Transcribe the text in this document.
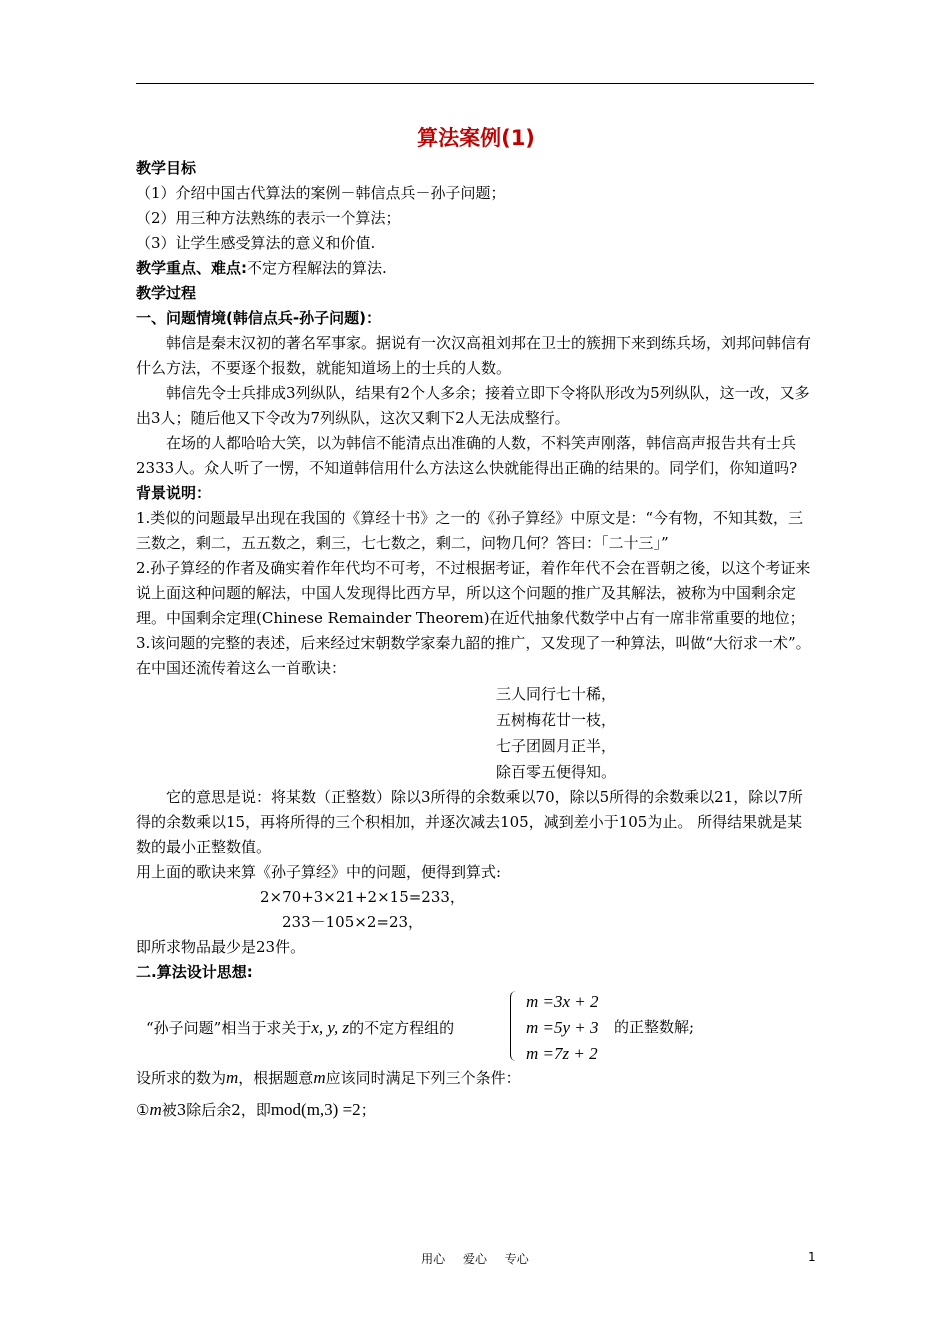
算法案例(1)

教学目标

（1）介绍中国古代算法的案例－韩信点兵－孙子问题；

（2）用三种方法熟练的表示一个算法；

（3）让学生感受算法的意义和价值.

教学重点、难点:不定方程解法的算法.

教学过程

一、问题情境(韩信点兵-孙子问题)：

韩信是秦末汉初的著名军事家。据说有一次汉高祖刘邦在卫士的簇拥下来到练兵场，刘邦问韩信有什么方法，不要逐个报数，就能知道场上的士兵的人数。

韩信先令士兵排成3列纵队，结果有2个人多余；接着立即下令将队形改为5列纵队，这一改，又多出3人；随后他又下令改为7列纵队，这次又剩下2人无法成整行。

在场的人都哈哈大笑，以为韩信不能清点出准确的人数，不料笑声刚落，韩信高声报告共有士兵2333人。众人听了一愣，不知道韩信用什么方法这么快就能得出正确的结果的。同学们，你知道吗?

背景说明：

1.类似的问题最早出现在我国的《算经十书》之一的《孙子算经》中原文是：“今有物，不知其数，三三数之，剩二，五五数之，剩三，七七数之，剩二，问物几何？答曰：「二十三」”

2.孙子算经的作者及确实着作年代均不可考，不过根据考证，着作年代不会在晋朝之後，以这个考证来说上面这种问题的解法，中国人发现得比西方早，所以这个问题的推广及其解法，被称为中国剩余定理。中国剩余定理(Chinese Remainder Theorem)在近代抽象代数学中占有一席非常重要的地位；

3.该问题的完整的表述，后来经过宋朝数学家秦九韶的推广，又发现了一种算法，叫做“大衍求一术”。在中国还流传着这么一首歌诀：

三人同行七十稀，

五树梅花廿一枝，

七子团圆月正半，

除百零五便得知。

它的意思是说：将某数（正整数）除以3所得的余数乘以70，除以5所得的余数乘以21，除以7所得的余数乘以15，再将所得的三个积相加，并逐次减去105，减到差小于105为止。 所得结果就是某数的最小正整数值。

用上面的歌诀来算《孙子算经》中的问题，便得到算式:

2×70+3×21+2×15=233，

233－105×2=23，

即所求物品最少是23件。

二.算法设计思想:

“孙子问题”相当于求关于x, y, z的不定方程组的
m =3x + 2
m =5y + 3
m =7z + 2
的正整数解;

设所求的数为m，根据题意m应该同时满足下列三个条件：

①m被3除后余2，即mod(m,3) =2；

用心 爱心 专心	1
